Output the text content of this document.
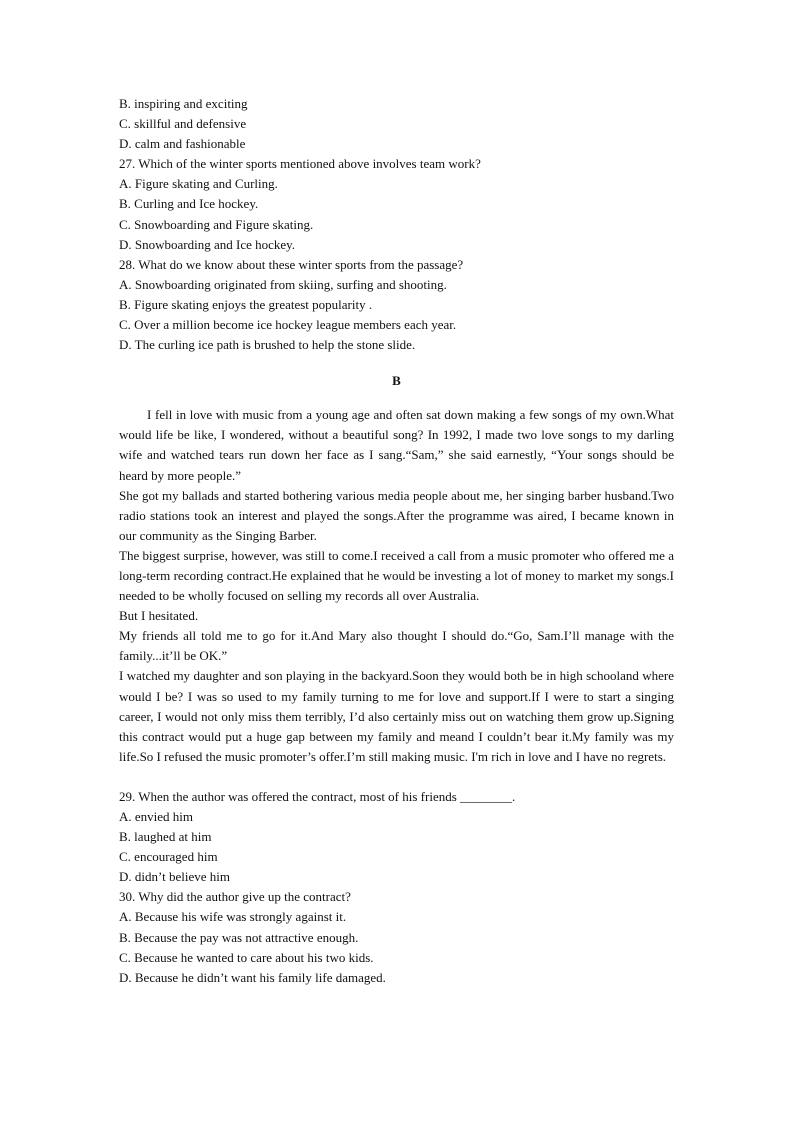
B. inspiring and exciting
C. skillful and defensive
D. calm and fashionable
27. Which of the winter sports mentioned above involves team work?
A. Figure skating and Curling.
B. Curling and Ice hockey.
C. Snowboarding and Figure skating.
D. Snowboarding and Ice hockey.
28. What do we know about these winter sports from the passage?
A. Snowboarding originated from skiing, surfing and shooting.
B. Figure skating enjoys the greatest popularity .
C. Over a million become ice hockey league members each year.
D. The curling ice path is brushed to help the stone slide.
B
I fell in love with music from a young age and often sat down making a few songs of my own.What would life be like, I wondered, without a beautiful song? In 1992, I made two love songs to my darling wife and watched tears run down her face as I sang.“Sam,” she said earnestly, “Your songs should be heard by more people.”
She got my ballads and started bothering various media people about me, her singing barber husband.Two radio stations took an interest and played the songs.After the programme was aired, I became known in our community as the Singing Barber.
The biggest surprise, however, was still to come.I received a call from a music promoter who offered me a long-term recording contract.He explained that he would be investing a lot of money to market my songs.I needed to be wholly focused on selling my records all over Australia.
But I hesitated.
My friends all told me to go for it.And Mary also thought I should do.“Go, Sam.I’ll manage with the family...it’ll be OK.”
I watched my daughter and son playing in the backyard.Soon they would both be in high schooland where would I be? I was so used to my family turning to me for love and support.If I were to start a singing career, I would not only miss them terribly, I’d also certainly miss out on watching them grow up.Signing this contract would put a huge gap between my family and meand I couldn’t bear it.My family was my life.So I refused the music promoter’s offer.I’m still making music. I'm rich in love and I have no regrets.
29. When the author was offered the contract, most of his friends ________.
A. envied him
B. laughed at him
C. encouraged him
D. didn’t believe him
30. Why did the author give up the contract?
A. Because his wife was strongly against it.
B. Because the pay was not attractive enough.
C. Because he wanted to care about his two kids.
D. Because he didn’t want his family life damaged.
